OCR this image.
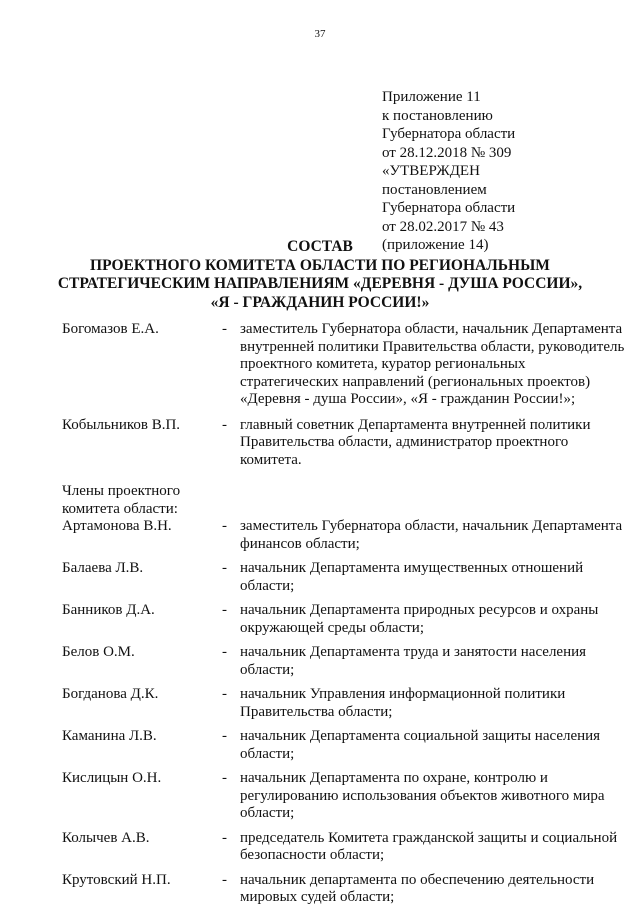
37
Приложение 11
к постановлению
Губернатора области
от 28.12.2018 № 309
«УТВЕРЖДЕН
постановлением
Губернатора области
от 28.02.2017 № 43
(приложение 14)
СОСТАВ
ПРОЕКТНОГО КОМИТЕТА ОБЛАСТИ ПО РЕГИОНАЛЬНЫМ
СТРАТЕГИЧЕСКИМ НАПРАВЛЕНИЯМ «ДЕРЕВНЯ - ДУША РОССИИ»,
«Я - ГРАЖДАНИН РОССИИ!»
Богомазов Е.А.	- заместитель Губернатора области, начальник Департамента внутренней политики Правительства области, руководитель проектного комитета, куратор региональных стратегических направлений (региональных проектов) «Деревня - душа России», «Я - гражданин России!»;
Кобыльников В.П.	- главный советник Департамента внутренней политики Правительства области, администратор проектного комитета.
Члены проектного комитета области:
Артамонова В.Н.	- заместитель Губернатора области, начальник Департамента финансов области;
Балаева Л.В.	- начальник Департамента имущественных отношений области;
Банников Д.А.	- начальник Департамента природных ресурсов и охраны окружающей среды области;
Белов О.М.	- начальник Департамента труда и занятости населения области;
Богданова Д.К.	- начальник Управления информационной политики Правительства области;
Каманина Л.В.	- начальник Департамента социальной защиты населения области;
Кислицын О.Н.	- начальник Департамента по охране, контролю и регулированию использования объектов животного мира области;
Колычев А.В.	- председатель Комитета гражданской защиты и социальной безопасности области;
Крутовский Н.П.	- начальник департамента по обеспечению деятельности мировых судей области;
